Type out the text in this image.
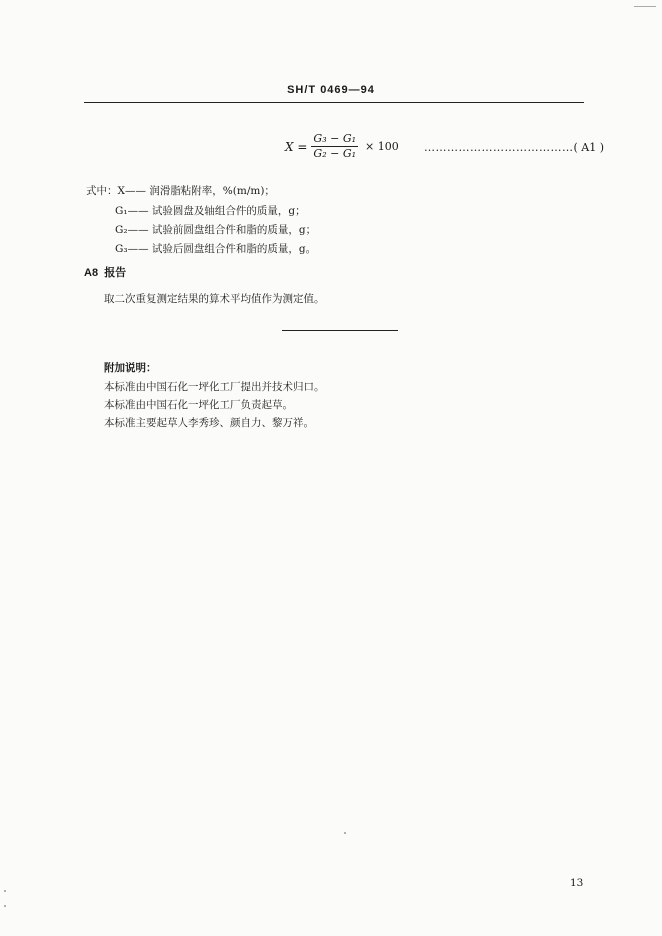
SH/T 0469—94
$X = \frac{\text{G₃ − G₁}}{\text{G₂ − G₁}} \times 100$ …………………………………( A1 )
式中：X—— 润滑脂粘附率，%(m/m)；
G₁—— 试验圆盘及轴组合件的质量，g；
G₂—— 试验前圆盘组合件和脂的质量，g；
G₃—— 试验后圆盘组合件和脂的质量，g。
A8 报告
取二次重复测定结果的算术平均值作为测定值。
附加说明：
本标准由中国石化一坪化工厂提出并技术归口。
本标准由中国石化一坪化工厂负责起草。
本标准主要起草人李秀珍、颜自力、黎万祥。
13
